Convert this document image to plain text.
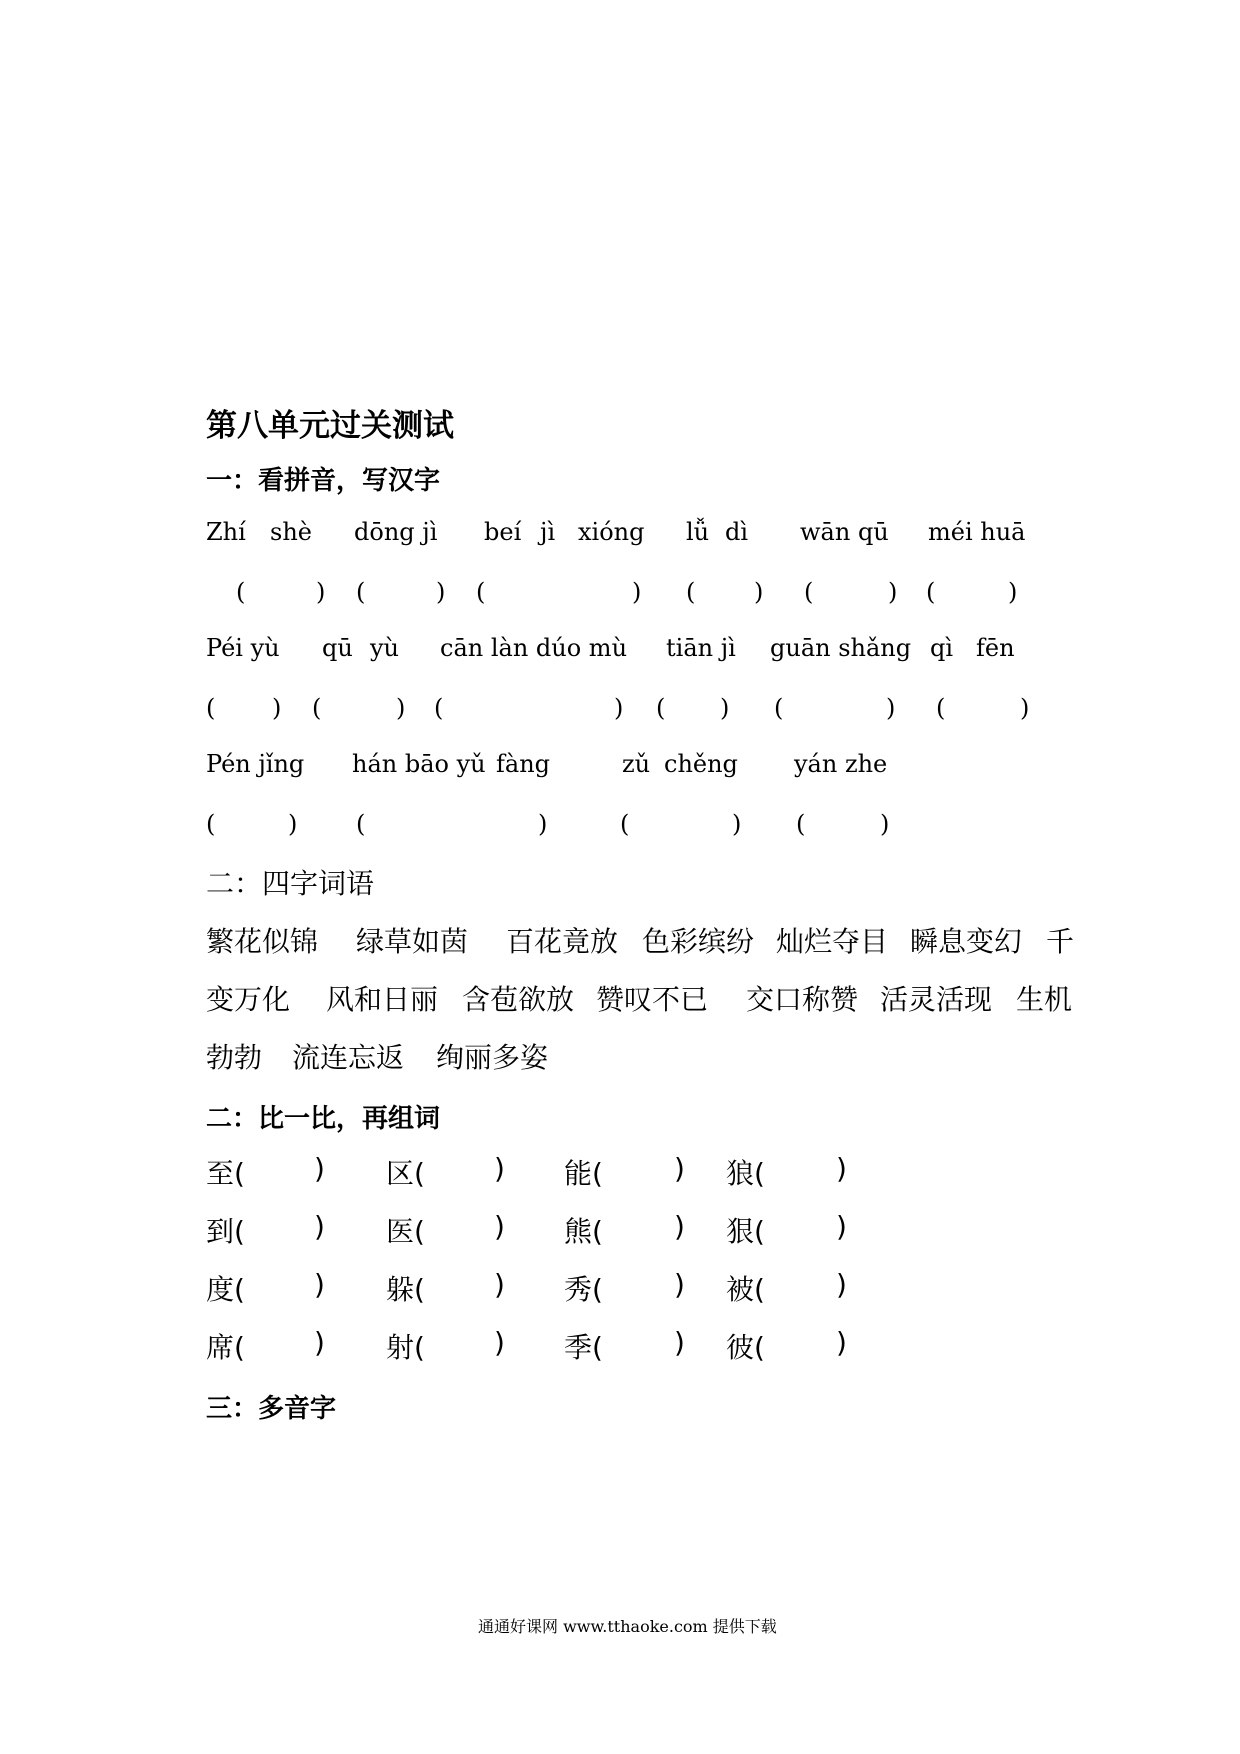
第八单元过关测试
一：看拼音，写汉字
Zhí shè dōng jì beí jì xióng lǚ dì wān qū méi huā
(	) (	) (	) ( ) (	) (	)
Péi yù qū yù cān làn dúo mù tiān jì guān shǎng qì fēn
( ) (	) (	) ( ) (	) (	)
Pén jǐng hán bāo yǔ fàng	zǔ chěng yán zhe
(	) (	)	(	) (	)
二：四字词语
繁花似锦 绿草如茵 百花竟放 色彩缤纷 灿烂夺目 瞬息变幻 千
变万化 风和日丽 含苞欲放 赞叹不已 交口称赞 活灵活现 生机
勃勃 流连忘返 绚丽多姿
二：比一比，再组词
至( ) 区( ) 能(	) 狼(	)
到( ) 医( ) 熊(	) 狠(	)
度( ) 躲( ) 秀(	) 被(	)
席( ) 射( ) 季(	) 彼(	)
三：多音字
通通好课网 www.tthaoke.com 提供下载
